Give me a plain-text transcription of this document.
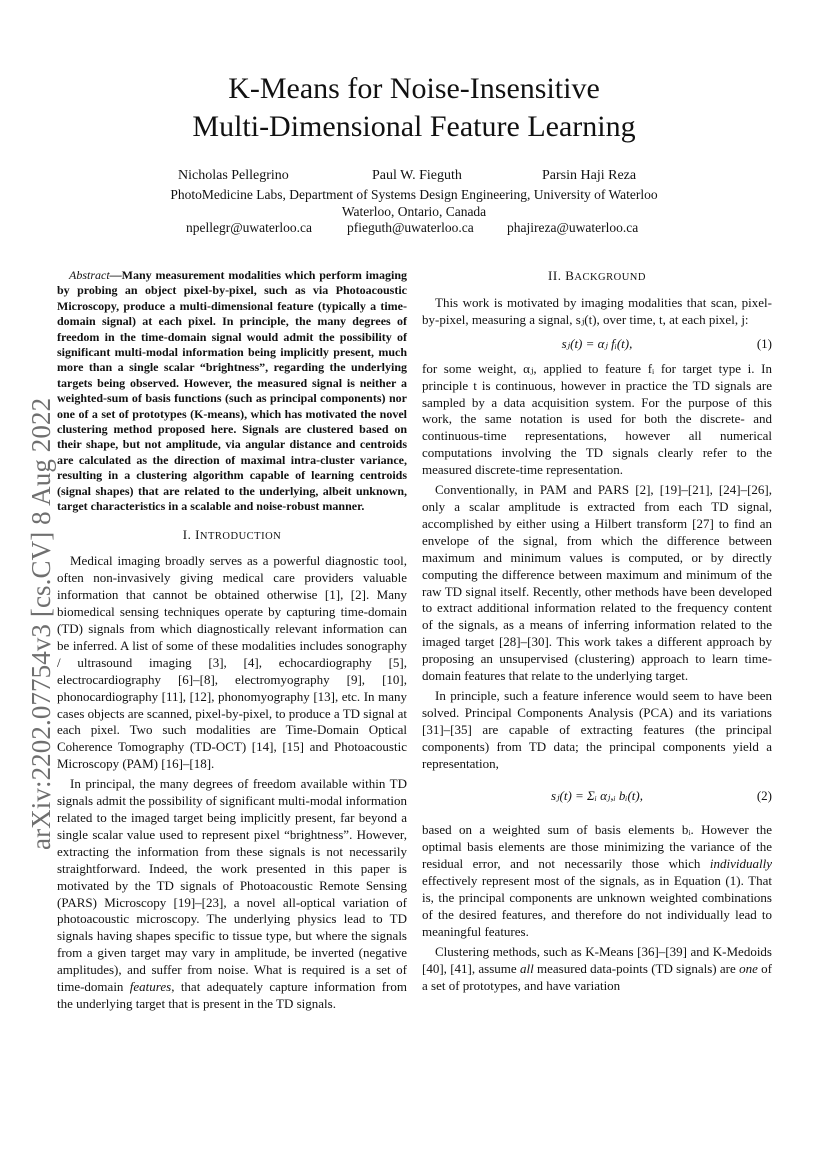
arXiv:2202.07754v3 [cs.CV] 8 Aug 2022
K-Means for Noise-Insensitive
Multi-Dimensional Feature Learning
Nicholas Pellegrino	Paul W. Fieguth	Parsin Haji Reza
PhotoMedicine Labs, Department of Systems Design Engineering, University of Waterloo
Waterloo, Ontario, Canada
npellegr@uwaterloo.ca	pfieguth@uwaterloo.ca phajireza@uwaterloo.ca

Abstract—Many measurement modalities which perform imaging by probing an object pixel-by-pixel, such as via Photoacoustic Microscopy, produce a multi-dimensional feature (typically a time-domain signal) at each pixel. In principle, the many degrees of freedom in the time-domain signal would admit the possibility of significant multi-modal information being implicitly present, much more than a single scalar “brightness”, regarding the underlying targets being observed. However, the measured signal is neither a weighted-sum of basis functions (such as principal components) nor one of a set of prototypes (K-means), which has motivated the novel clustering method proposed here. Signals are clustered based on their shape, but not amplitude, via angular distance and centroids are calculated as the direction of maximal intra-cluster variance, resulting in a clustering algorithm capable of learning centroids (signal shapes) that are related to the underlying, albeit unknown, target characteristics in a scalable and noise-robust manner.

I. INTRODUCTION

Medical imaging broadly serves as a powerful diagnostic tool, often non-invasively giving medical care providers valuable information that cannot be obtained otherwise [1], [2]. Many biomedical sensing techniques operate by capturing time-domain (TD) signals from which diagnostically relevant information can be inferred. A list of some of these modalities includes sonography / ultrasound imaging [3], [4], echocardiography [5], electrocardiography [6]–[8], electromyography [9], [10], phonocardiography [11], [12], phonomyography [13], etc. In many cases objects are scanned, pixel-by-pixel, to produce a TD signal at each pixel. Two such modalities are Time-Domain Optical Coherence Tomography (TD-OCT) [14], [15] and Photoacoustic Microscopy (PAM) [16]–[18].

In principal, the many degrees of freedom available within TD signals admit the possibility of significant multi-modal information related to the imaged target being implicitly present, far beyond a single scalar value used to represent pixel “brightness”. However, extracting the information from these signals is not necessarily straightforward. Indeed, the work presented in this paper is motivated by the TD signals of Photoacoustic Remote Sensing (PARS) Microscopy [19]–[23], a novel all-optical variation of photoacoustic microscopy. The underlying physics lead to TD signals having shapes specific to tissue type, but where the signals from a given target may vary in amplitude, be inverted (negative amplitudes), and suffer from noise. What is required is a set of time-domain features, that adequately capture information from the underlying target that is present in the TD signals.

II. BACKGROUND

This work is motivated by imaging modalities that scan, pixel-by-pixel, measuring a signal, sⱼ(t), over time, t, at each pixel, j:

sⱼ(t) = αⱼ fᵢ(t),	(1)

for some weight, αⱼ, applied to feature fᵢ for target type i. In principle t is continuous, however in practice the TD signals are sampled by a data acquisition system. For the purpose of this work, the same notation is used for both the discrete- and continuous-time representations, however all numerical computations involving the TD signals clearly refer to the measured discrete-time representation.

Conventionally, in PAM and PARS [2], [19]–[21], [24]–[26], only a scalar amplitude is extracted from each TD signal, accomplished by either using a Hilbert transform [27] to find an envelope of the signal, from which the difference between maximum and minimum values is computed, or by directly computing the difference between maximum and minimum of the raw TD signal itself. Recently, other methods have been developed to extract additional information related to the frequency content of the signals, as a means of inferring information related to the imaged target [28]–[30]. This work takes a different approach by proposing an unsupervised (clustering) approach to learn time-domain features that relate to the underlying target.

In principle, such a feature inference would seem to have been solved. Principal Components Analysis (PCA) and its variations [31]–[35] are capable of extracting features (the principal components) from TD data; the principal components yield a representation,

sⱼ(t) = Σᵢ αⱼ,ᵢ bᵢ(t),	(2)

based on a weighted sum of basis elements bᵢ. However the optimal basis elements are those minimizing the variance of the residual error, and not necessarily those which individually effectively represent most of the signals, as in Equation (1). That is, the principal components are unknown weighted combinations of the desired features, and therefore do not individually lead to meaningful features.

Clustering methods, such as K-Means [36]–[39] and K-Medoids [40], [41], assume all measured data-points (TD signals) are one of a set of prototypes, and have variation
